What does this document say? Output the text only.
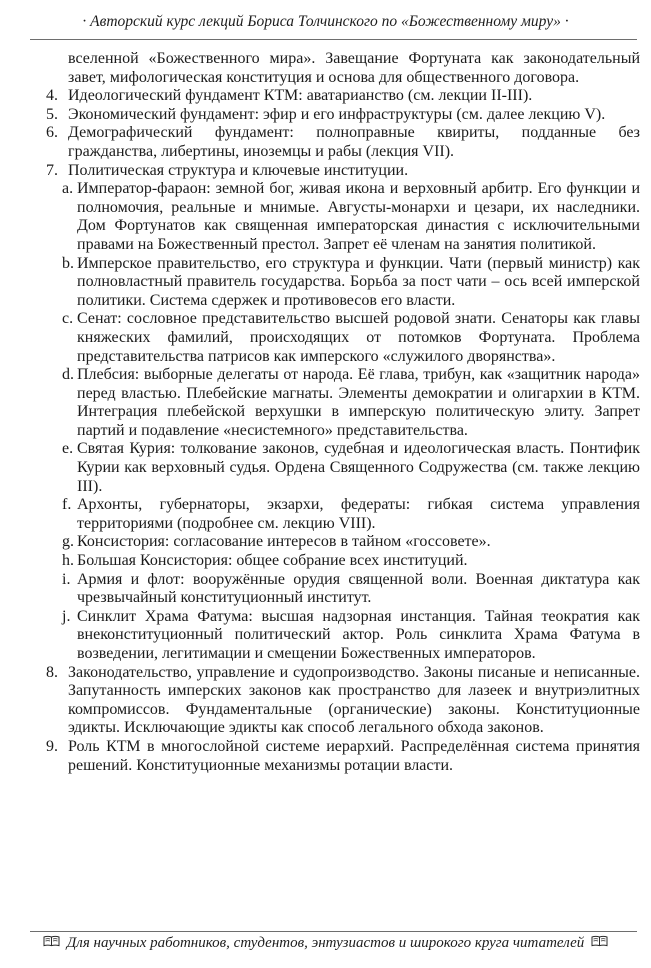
· Авторский курс лекций Бориса Толчинского по «Божественному миру» ·

вселенной «Божественного мира». Завещание Фортуната как законодательный завет, мифологическая конституция и основа для общественного договора.

4. Идеологический фундамент КТМ: аватарианство (см. лекции II-III).
5. Экономический фундамент: эфир и его инфраструктуры (см. далее лекцию V).
6. Демографический фундамент: полноправные квириты, подданные без гражданства, либертины, иноземцы и рабы (лекция VII).
7. Политическая структура и ключевые институции.
a. Император-фараон: земной бог, живая икона и верховный арбитр. Его функции и полномочия, реальные и мнимые. Августы-монархи и цезари, их наследники. Дом Фортунатов как священная императорская династия с исключительными правами на Божественный престол. Запрет её членам на занятия политикой.
b. Имперское правительство, его структура и функции. Чати (первый министр) как полновластный правитель государства. Борьба за пост чати – ось всей имперской политики. Система сдержек и противовесов его власти.
c. Сенат: сословное представительство высшей родовой знати. Сенаторы как главы княжеских фамилий, происходящих от потомков Фортуната. Проблема представительства патрисов как имперского «служилого дворянства».
d. Плебсия: выборные делегаты от народа. Её глава, трибун, как «защитник народа» перед властью. Плебейские магнаты. Элементы демократии и олигархии в КТМ. Интеграция плебейской верхушки в имперскую политическую элиту. Запрет партий и подавление «несистемного» представительства.
e. Святая Курия: толкование законов, судебная и идеологическая власть. Понтифик Курии как верховный судья. Ордена Священного Содружества (см. также лекцию III).
f. Архонты, губернаторы, экзархи, федераты: гибкая система управления территориями (подробнее см. лекцию VIII).
g. Консистория: согласование интересов в тайном «госсовете».
h. Большая Консистория: общее собрание всех институций.
i. Армия и флот: вооружённые орудия священной воли. Военная диктатура как чрезвычайный конституционный институт.
j. Синклит Храма Фатума: высшая надзорная инстанция. Тайная теократия как внеконституционный политический актор. Роль синклита Храма Фатума в возведении, легитимации и смещении Божественных императоров.
8. Законодательство, управление и судопроизводство. Законы писаные и неписанные. Запутанность имперских законов как пространство для лазеек и внутриэлитных компромиссов. Фундаментальные (органические) законы. Конституционные эдикты. Исключающие эдикты как способ легального обхода законов.
9. Роль КТМ в многослойной системе иерархий. Распределённая система принятия решений. Конституционные механизмы ротации власти.
Для научных работников, студентов, энтузиастов и широкого круга читателей
